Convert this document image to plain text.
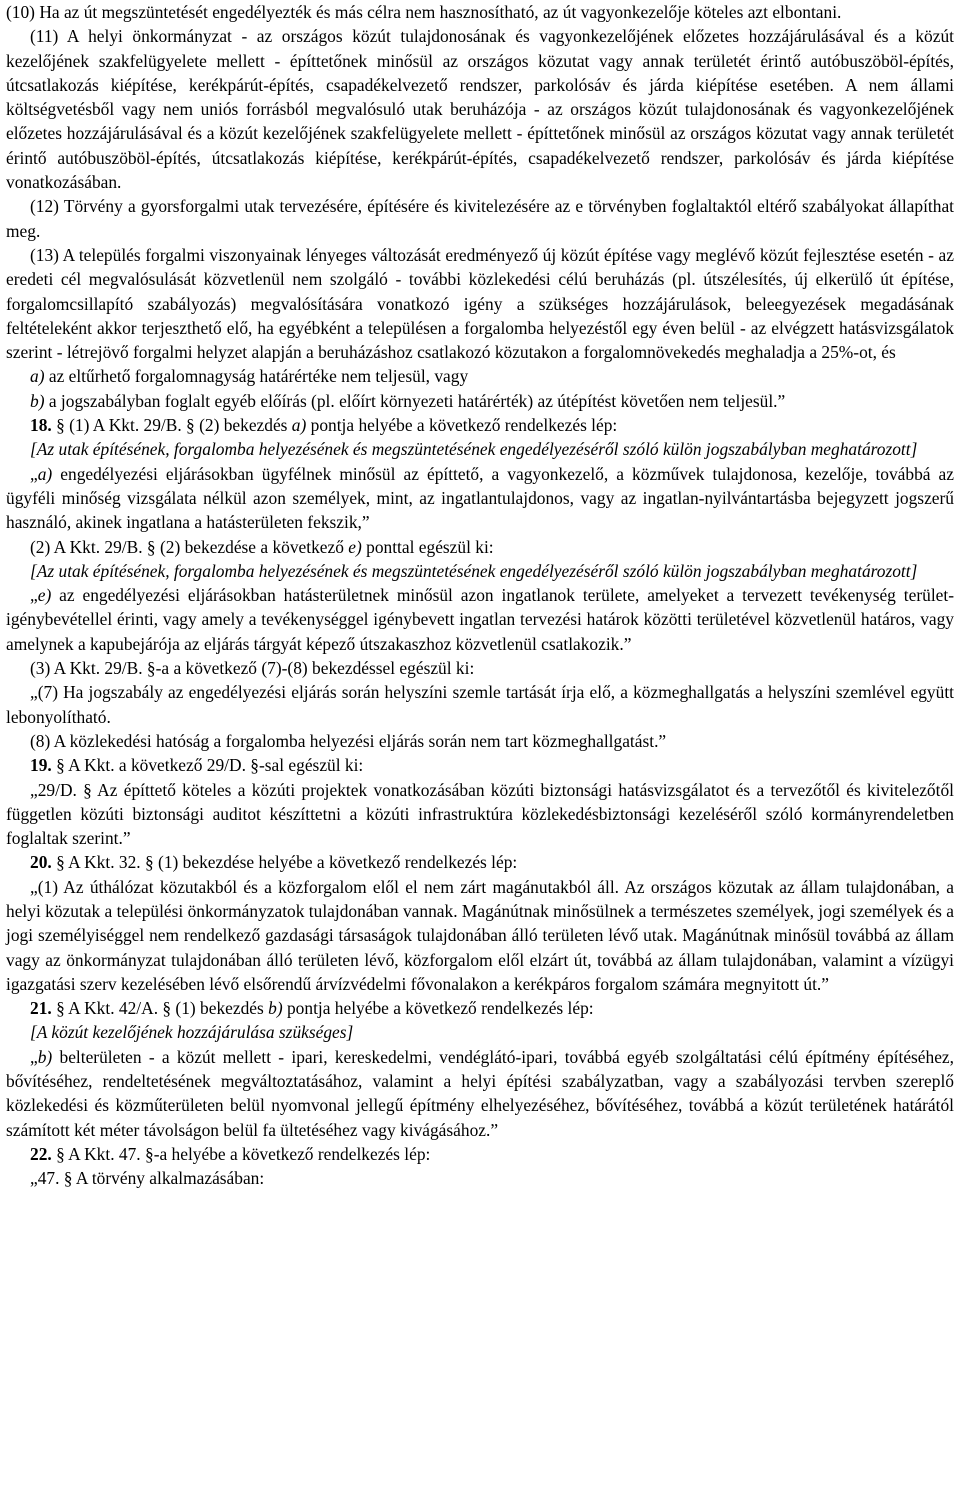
(10) Ha az út megszüntetését engedélyezték és más célra nem hasznosítható, az út vagyonkezelője köteles azt elbontani.

(11) A helyi önkormányzat - az országos közút tulajdonosának és vagyonkezelőjének előzetes hozzájárulásával és a közút kezelőjének szakfelügyelete mellett - építtetőnek minősül az országos közutat vagy annak területét érintő autóbuszöböl-építés, útcsatlakozás kiépítése, kerékpárút-építés, csapadékelvezető rendszer, parkolósáv és járda kiépítése esetében. A nem állami költségvetésből vagy nem uniós forrásból megvalósuló utak beruházója - az országos közút tulajdonosának és vagyonkezelőjének előzetes hozzájárulásával és a közút kezelőjének szakfelügyelete mellett - építtetőnek minősül az országos közutat vagy annak területét érintő autóbuszöböl-építés, útcsatlakozás kiépítése, kerékpárút-építés, csapadékelvezető rendszer, parkolósáv és járda kiépítése vonatkozásában.

(12) Törvény a gyorsforgalmi utak tervezésére, építésére és kivitelezésére az e törvényben foglaltaktól eltérő szabályokat állapíthat meg.

(13) A település forgalmi viszonyainak lényeges változását eredményező új közút építése vagy meglévő közút fejlesztése esetén - az eredeti cél megvalósulását közvetlenül nem szolgáló - további közlekedési célú beruházás (pl. útszélesítés, új elkerülő út építése, forgalomcsillapító szabályozás) megvalósítására vonatkozó igény a szükséges hozzájárulások, beleegyezések megadásának feltételeként akkor terjeszthető elő, ha egyébként a településen a forgalomba helyezéstől egy éven belül - az elvégzett hatásvizsgálatok szerint - létrejövő forgalmi helyzet alapján a beruházáshoz csatlakozó közutakon a forgalomnövekedés meghaladja a 25%-ot, és

a) az eltűrhető forgalomnagyság határértéke nem teljesül, vagy

b) a jogszabályban foglalt egyéb előírás (pl. előírt környezeti határérték) az útépítést követően nem teljesül.”

18. § (1) A Kkt. 29/B. § (2) bekezdés a) pontja helyébe a következő rendelkezés lép:

[Az utak építésének, forgalomba helyezésének és megszüntetésének engedélyezéséről szóló külön jogszabályban meghatározott]

„a) engedélyezési eljárásokban ügyfélnek minősül az építtető, a vagyonkezelő, a közművek tulajdonosa, kezelője, továbbá az ügyféli minőség vizsgálata nélkül azon személyek, mint, az ingatlantulajdonos, vagy az ingatlan-nyilvántartásba bejegyzett jogszerű használó, akinek ingatlana a hatásterületen fekszik,”

(2) A Kkt. 29/B. § (2) bekezdése a következő e) ponttal egészül ki:

[Az utak építésének, forgalomba helyezésének és megszüntetésének engedélyezéséről szóló külön jogszabályban meghatározott]

„e) az engedélyezési eljárásokban hatásterületnek minősül azon ingatlanok területe, amelyeket a tervezett tevékenység terület-igénybevétellel érinti, vagy amely a tevékenységgel igénybevett ingatlan tervezési határok közötti területével közvetlenül határos, vagy amelynek a kapubejárója az eljárás tárgyát képező útszakaszhoz közvetlenül csatlakozik.”

(3) A Kkt. 29/B. §-a a következő (7)-(8) bekezdéssel egészül ki:

„(7) Ha jogszabály az engedélyezési eljárás során helyszíni szemle tartását írja elő, a közmeghallgatás a helyszíni szemlével együtt lebonyolítható.

(8) A közlekedési hatóság a forgalomba helyezési eljárás során nem tart közmeghallgatást.”

19. § A Kkt. a következő 29/D. §-sal egészül ki:

„29/D. § Az építtető köteles a közúti projektek vonatkozásában közúti biztonsági hatásvizsgálatot és a tervezőtől és kivitelezőtől független közúti biztonsági auditot készíttetni a közúti infrastruktúra közlekedésbiztonsági kezeléséről szóló kormányrendeletben foglaltak szerint.”

20. § A Kkt. 32. § (1) bekezdése helyébe a következő rendelkezés lép:

„(1) Az úthálózat közutakból és a közforgalom elől el nem zárt magánutakból áll. Az országos közutak az állam tulajdonában, a helyi közutak a települési önkormányzatok tulajdonában vannak. Magánútnak minősülnek a természetes személyek, jogi személyek és a jogi személyiséggel nem rendelkező gazdasági társaságok tulajdonában álló területen lévő utak. Magánútnak minősül továbbá az állam vagy az önkormányzat tulajdonában álló területen lévő, közforgalom elől elzárt út, továbbá az állam tulajdonában, valamint a vízügyi igazgatási szerv kezelésében lévő elsőrendű árvízvédelmi fővonalakon a kerékpáros forgalom számára megnyitott út.”

21. § A Kkt. 42/A. § (1) bekezdés b) pontja helyébe a következő rendelkezés lép:

[A közút kezelőjének hozzájárulása szükséges]

„b) belterületen - a közút mellett - ipari, kereskedelmi, vendéglátó-ipari, továbbá egyéb szolgáltatási célú építmény építéséhez, bővítéséhez, rendeltetésének megváltoztatásához, valamint a helyi építési szabályzatban, vagy a szabályozási tervben szereplő közlekedési és közműterületen belül nyomvonal jellegű építmény elhelyezéséhez, bővítéséhez, továbbá a közút területének határától számított két méter távolságon belül fa ültetéséhez vagy kivágásához.”

22. § A Kkt. 47. §-a helyébe a következő rendelkezés lép:

„47. § A törvény alkalmazásában:
